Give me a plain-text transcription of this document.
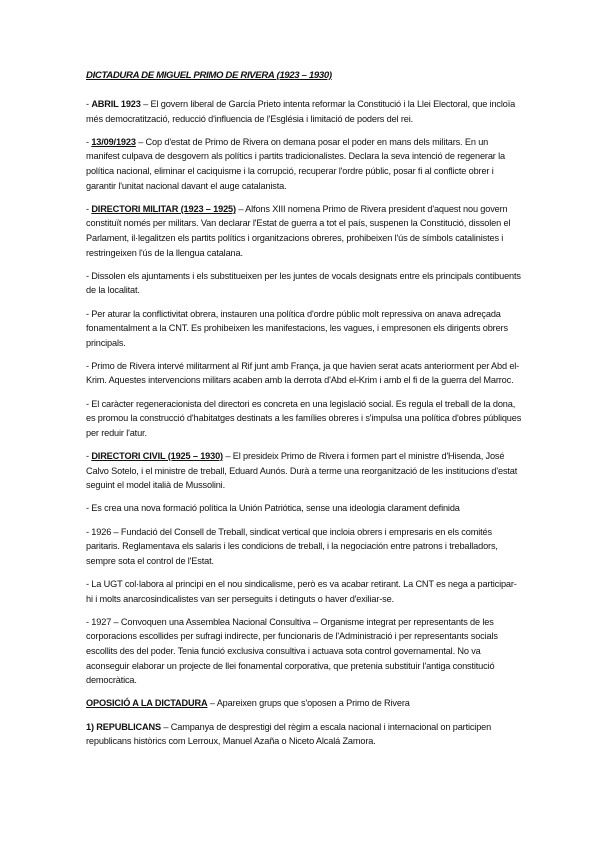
DICTADURA DE MIGUEL PRIMO DE RIVERA (1923 – 1930)

- ABRIL 1923 – El govern liberal de García Prieto intenta reformar la Constitució i la Llei Electoral, que incloïa més democratització, reducció d'influencia de l'Església i limitació de poders del rei.

- 13/09/1923 – Cop d'estat de Primo de Rivera on demana posar el poder en mans dels militars. En un manifest culpava de desgovern als polítics i partits tradicionalistes. Declara la seva intenció de regenerar la política nacional, eliminar el caciquisme i la corrupció, recuperar l'ordre públic, posar fi al conflicte obrer i garantir l'unitat nacional davant el auge catalanista.

- DIRECTORI MILITAR (1923 – 1925) – Alfons XIII nomena Primo de Rivera president d'aquest nou govern constituït només per militars. Van declarar l'Estat de guerra a tot el país, suspenen la Constitució, dissolen el Parlament, il·legalitzen els partits polítics i organitzacions obreres, prohibeixen l'ús de símbols catalinistes i restringeixen l'ús de la llengua catalana.

- Dissolen els ajuntaments i els substitueixen per les juntes de vocals designats entre els principals contibuents de la localitat.

- Per aturar la conflictivitat obrera, instauren una política d'ordre públic molt repressiva on anava adreçada fonamentalment a la CNT. Es prohibeixen les manifestacions, les vagues, i empresonen els dirigents obrers principals.

- Primo de Rivera intervé militarment al Rif junt amb França, ja que havien serat acats anteriorment per Abd el-Krim. Aquestes intervencions militars acaben amb la derrota d'Abd el-Krim i amb el fi de la guerra del Marroc.

- El caràcter regeneracionista del directori es concreta en una legislació social. Es regula el treball de la dona, es promou la construcció d'habitatges destinats a les famílies obreres i s'impulsa una política d'obres públiques per reduir l'atur.

- DIRECTORI CIVIL (1925 – 1930) – El presideix Primo de Rivera i formen part el ministre d'Hisenda, José Calvo Sotelo, i el ministre de treball, Eduard Aunós. Durà a terme una reorganització de les institucions d'estat seguint el model italià de Mussolini.

- Es crea una nova formació política la Unión Patriótica, sense una ideologia clarament definida

- 1926 – Fundació del Consell de Treball, sindicat vertical que incloia obrers i empresaris en els comités paritaris. Reglamentava els salaris i les condicions de treball, i la negociación entre patrons i treballadors, sempre sota el control de l'Estat.

- La UGT col·labora al principi en el nou sindicalisme, però es va acabar retirant. La CNT es nega a participar-hi i molts anarcosindicalistes van ser perseguits i detinguts o haver d'exiliar-se.

- 1927 – Convoquen una Assemblea Nacional Consultiva – Organisme integrat per representants de les corporacions escollides per sufragi indirecte, per funcionaris de l'Administració i per representants socials escollits des del poder. Tenia funció exclusiva consultiva i actuava sota control governamental. No va aconseguir elaborar un projecte de llei fonamental corporativa, que pretenia substituir l'antiga constitució democràtica.

OPOSICIÓ A LA DICTADURA – Apareixen grups que s'oposen a Primo de Rivera

1) REPUBLICANS – Campanya de desprestigi del règim a escala nacional i internacional on participen republicans històrics com Lerroux, Manuel Azaña o Niceto Alcalá Zamora.
